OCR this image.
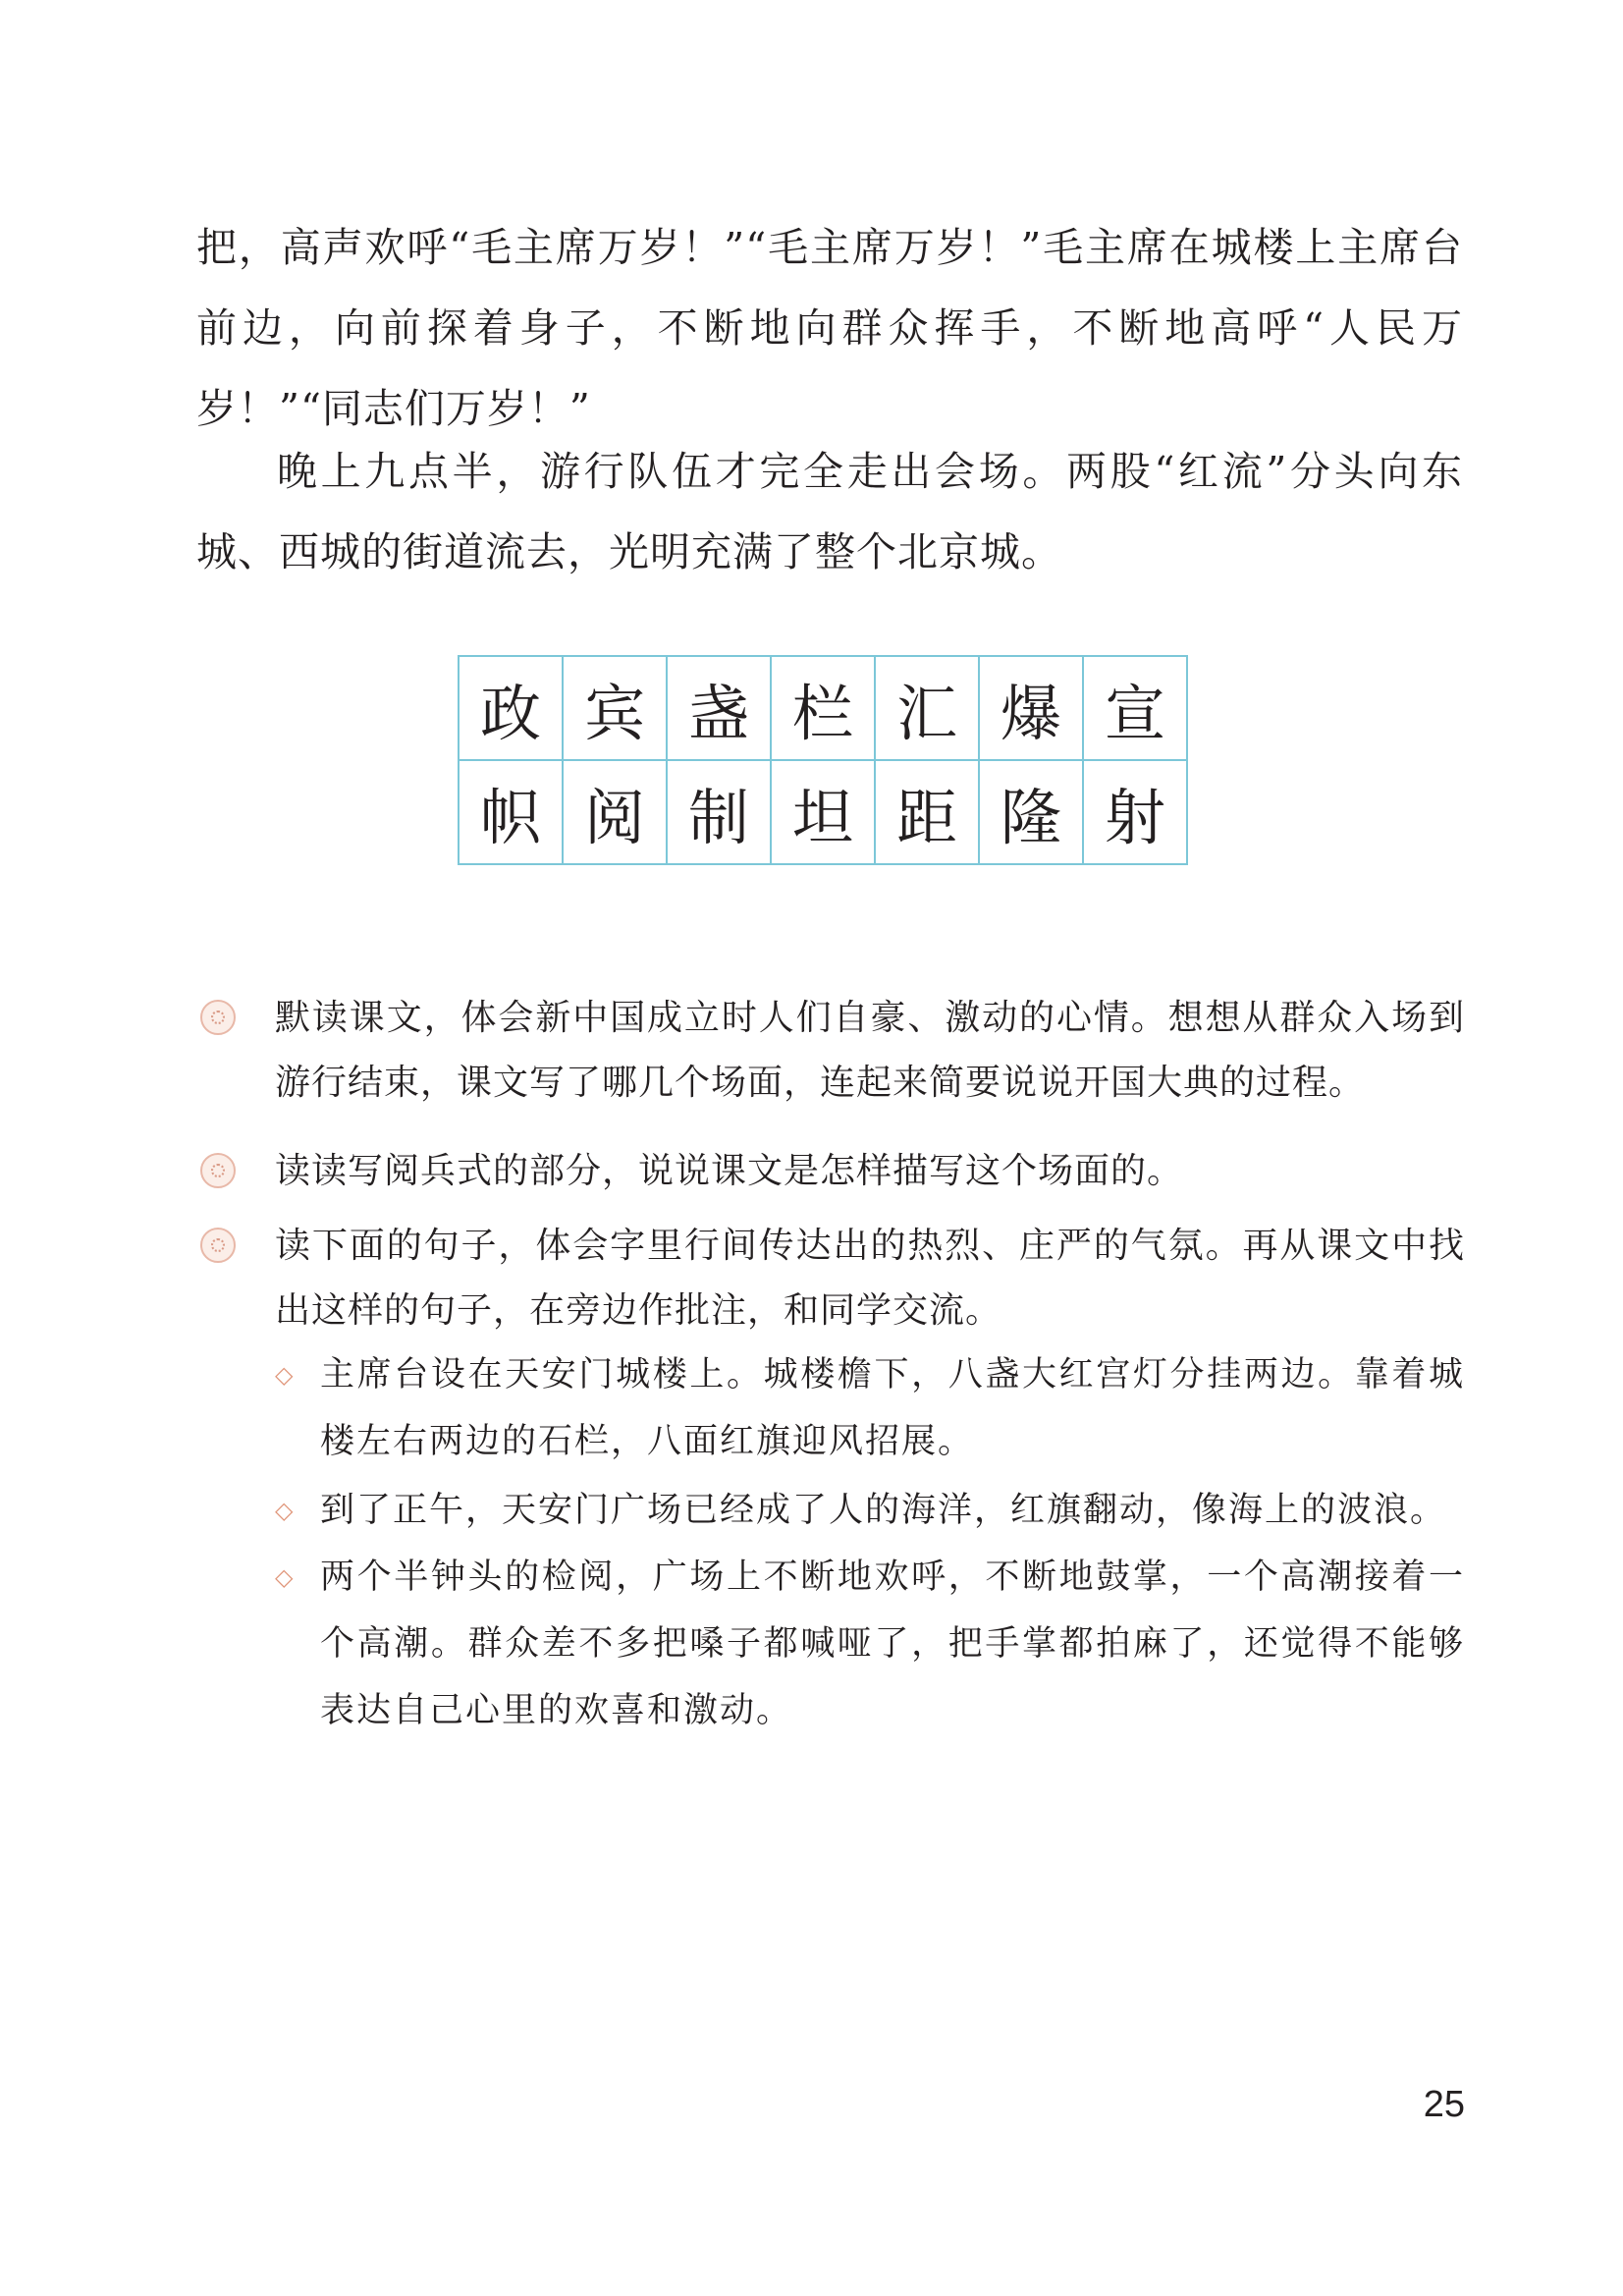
把，高声欢呼“毛主席万岁！”“毛主席万岁！”毛主席在城楼上主席台前边，向前探着身子，不断地向群众挥手，不断地高呼“人民万岁！”“同志们万岁！”

晚上九点半，游行队伍才完全走出会场。两股“红流”分头向东城、西城的街道流去，光明充满了整个北京城。

政 宾 盏 栏 汇 爆 宣
帜 阅 制 坦 距 隆 射
默读课文，体会新中国成立时人们自豪、激动的心情。想想从群众入场到游行结束，课文写了哪几个场面，连起来简要说说开国大典的过程。
读读写阅兵式的部分，说说课文是怎样描写这个场面的。
读下面的句子，体会字里行间传达出的热烈、庄严的气氛。再从课文中找出这样的句子，在旁边作批注，和同学交流。
◇ 主席台设在天安门城楼上。城楼檐下，八盏大红宫灯分挂两边。靠着城楼左右两边的石栏，八面红旗迎风招展。
◇ 到了正午，天安门广场已经成了人的海洋，红旗翻动，像海上的波浪。
◇ 两个半钟头的检阅，广场上不断地欢呼，不断地鼓掌，一个高潮接着一个高潮。群众差不多把嗓子都喊哑了，把手掌都拍麻了，还觉得不能够表达自己心里的欢喜和激动。
25
